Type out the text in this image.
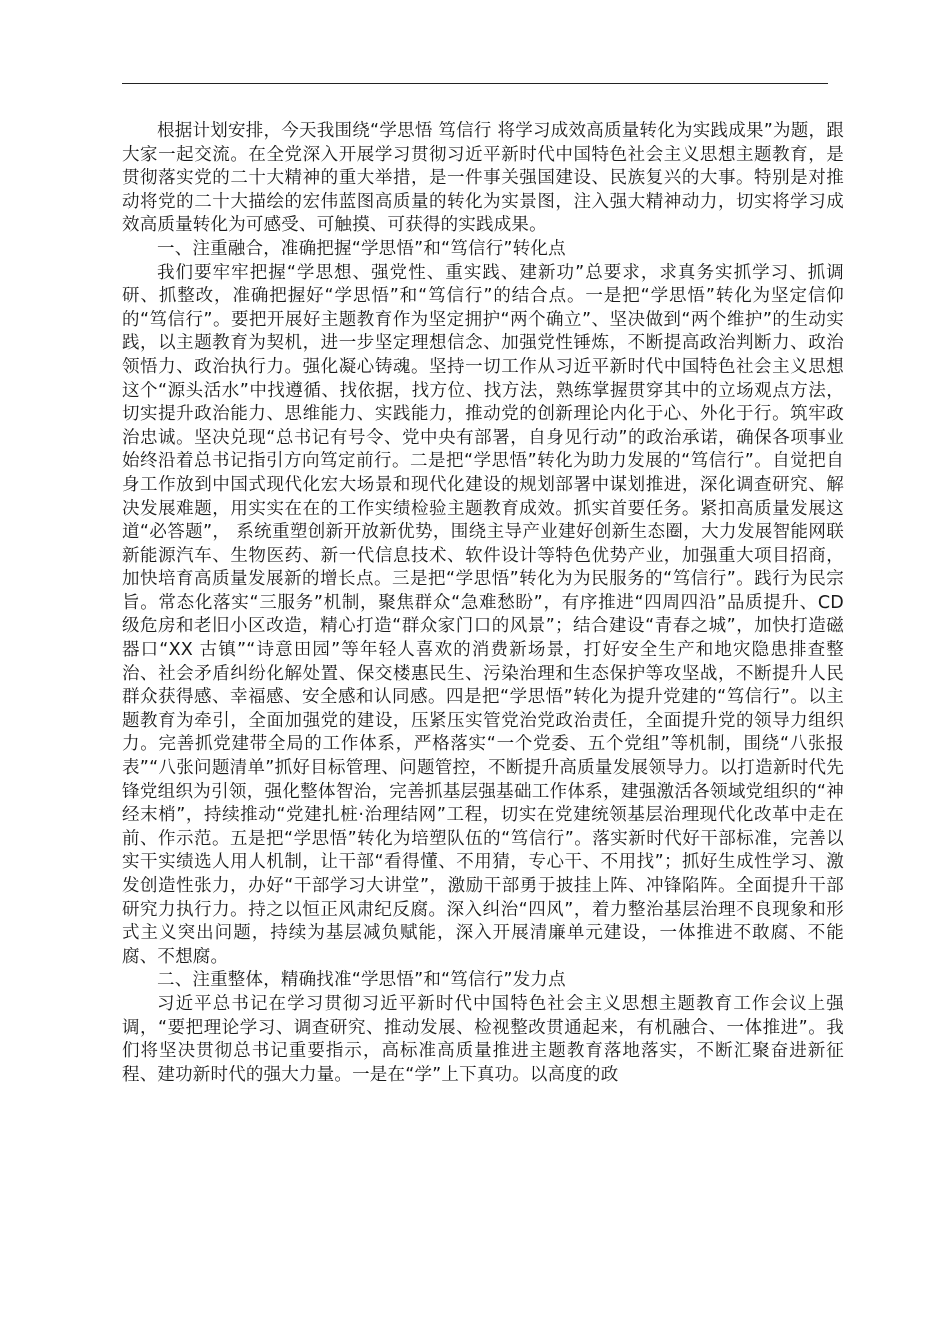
根据计划安排，今天我围绕“学思悟 笃信行 将学习成效高质量转化为实践成果”为题，跟大家一起交流。在全党深入开展学习贯彻习近平新时代中国特色社会主义思想主题教育，是贯彻落实党的二十大精神的重大举措，是一件事关强国建设、民族复兴的大事。特别是对推动将党的二十大描绘的宏伟蓝图高质量的转化为实景图，注入强大精神动力，切实将学习成效高质量转化为可感受、可触摸、可获得的实践成果。

一、注重融合，准确把握“学思悟”和“笃信行”转化点

我们要牢牢把握“学思想、强党性、重实践、建新功”总要求，求真务实抓学习、抓调研、抓整改，准确把握好“学思悟”和“笃信行”的结合点。一是把“学思悟”转化为坚定信仰的“笃信行”。要把开展好主题教育作为坚定拥护“两个确立”、坚决做到“两个维护”的生动实践，以主题教育为契机，进一步坚定理想信念、加强党性锤炼，不断提高政治判断力、政治领悟力、政治执行力。强化凝心铸魂。坚持一切工作从习近平新时代中国特色社会主义思想这个“源头活水”中找遵循、找依据，找方位、找方法，熟练掌握贯穿其中的立场观点方法，切实提升政治能力、思维能力、实践能力，推动党的创新理论内化于心、外化于行。筑牢政治忠诚。坚决兑现“总书记有号令、党中央有部署，自身见行动”的政治承诺，确保各项事业始终沿着总书记指引方向笃定前行。二是把“学思悟”转化为助力发展的“笃信行”。自觉把自身工作放到中国式现代化宏大场景和现代化建设的规划部署中谋划推进，深化调查研究、解决发展难题，用实实在在的工作实绩检验主题教育成效。抓实首要任务。紧扣高质量发展这道“必答题”， 系统重塑创新开放新优势，围绕主导产业建好创新生态圈，大力发展智能网联新能源汽车、生物医药、新一代信息技术、软件设计等特色优势产业，加强重大项目招商，加快培育高质量发展新的增长点。三是把“学思悟”转化为为民服务的“笃信行”。践行为民宗旨。常态化落实“三服务”机制，聚焦群众“急难愁盼”，有序推进“四周四沿”品质提升、CD 级危房和老旧小区改造，精心打造“群众家门口的风景”；结合建设“青春之城”，加快打造磁器口“XX 古镇”“诗意田园”等年轻人喜欢的消费新场景，打好安全生产和地灾隐患排查整治、社会矛盾纠纷化解处置、保交楼惠民生、污染治理和生态保护等攻坚战，不断提升人民群众获得感、幸福感、安全感和认同感。四是把“学思悟”转化为提升党建的“笃信行”。以主题教育为牵引，全面加强党的建设，压紧压实管党治党政治责任，全面提升党的领导力组织力。完善抓党建带全局的工作体系，严格落实“一个党委、五个党组”等机制，围绕“八张报表”“八张问题清单”抓好目标管理、问题管控，不断提升高质量发展领导力。以打造新时代先锋党组织为引领，强化整体智治，完善抓基层强基础工作体系，建强激活各领域党组织的“神经末梢”，持续推动“党建扎桩·治理结网”工程，切实在党建统领基层治理现代化改革中走在前、作示范。五是把“学思悟”转化为培塑队伍的“笃信行”。落实新时代好干部标准，完善以实干实绩选人用人机制，让干部“看得懂、不用猜，专心干、不用找”；抓好生成性学习、激发创造性张力，办好“干部学习大讲堂”，激励干部勇于披挂上阵、冲锋陷阵。全面提升干部研究力执行力。持之以恒正风肃纪反腐。深入纠治“四风”，着力整治基层治理不良现象和形式主义突出问题，持续为基层减负赋能，深入开展清廉单元建设，一体推进不敢腐、不能腐、不想腐。

二、注重整体，精确找准“学思悟”和“笃信行”发力点

习近平总书记在学习贯彻习近平新时代中国特色社会主义思想主题教育工作会议上强调，“要把理论学习、调查研究、推动发展、检视整改贯通起来，有机融合、一体推进”。我们将坚决贯彻总书记重要指示，高标准高质量推进主题教育落地落实，不断汇聚奋进新征程、建功新时代的强大力量。一是在“学”上下真功。以高度的政
